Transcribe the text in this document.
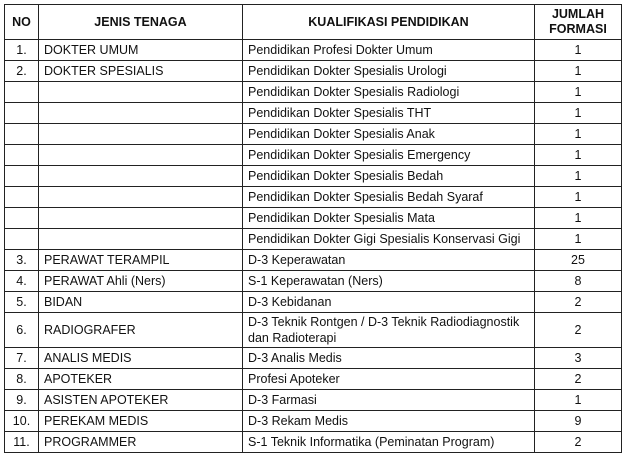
NO	JENIS TENAGA	KUALIFIKASI PENDIDIKAN	JUMLAH
FORMASI

1.	DOKTER UMUM	Pendidikan Profesi Dokter Umum	1
2.	DOKTER SPESIALIS	Pendidikan Dokter Spesialis Urologi	1
		Pendidikan Dokter Spesialis Radiologi	1
		Pendidikan Dokter Spesialis THT	1
		Pendidikan Dokter Spesialis Anak	1
		Pendidikan Dokter Spesialis Emergency	1
		Pendidikan Dokter Spesialis Bedah	1
		Pendidikan Dokter Spesialis Bedah Syaraf	1
		Pendidikan Dokter Spesialis Mata	1
		Pendidikan Dokter Gigi Spesialis Konservasi Gigi	1
3.	PERAWAT TERAMPIL	D-3 Keperawatan	25
4.	PERAWAT Ahli (Ners)	S-1 Keperawatan (Ners)	8
5.	BIDAN	D-3 Kebidanan	2
6.	RADIOGRAFER	D-3 Teknik Rontgen / D-3 Teknik Radiodiagnostik dan Radioterapi	2
7.	ANALIS MEDIS	D-3 Analis Medis	3
8.	APOTEKER	Profesi Apoteker	2
9.	ASISTEN APOTEKER	D-3 Farmasi	1
10.	PEREKAM MEDIS	D-3 Rekam Medis	9
11.	PROGRAMMER	S-1 Teknik Informatika (Peminatan Program)	2
